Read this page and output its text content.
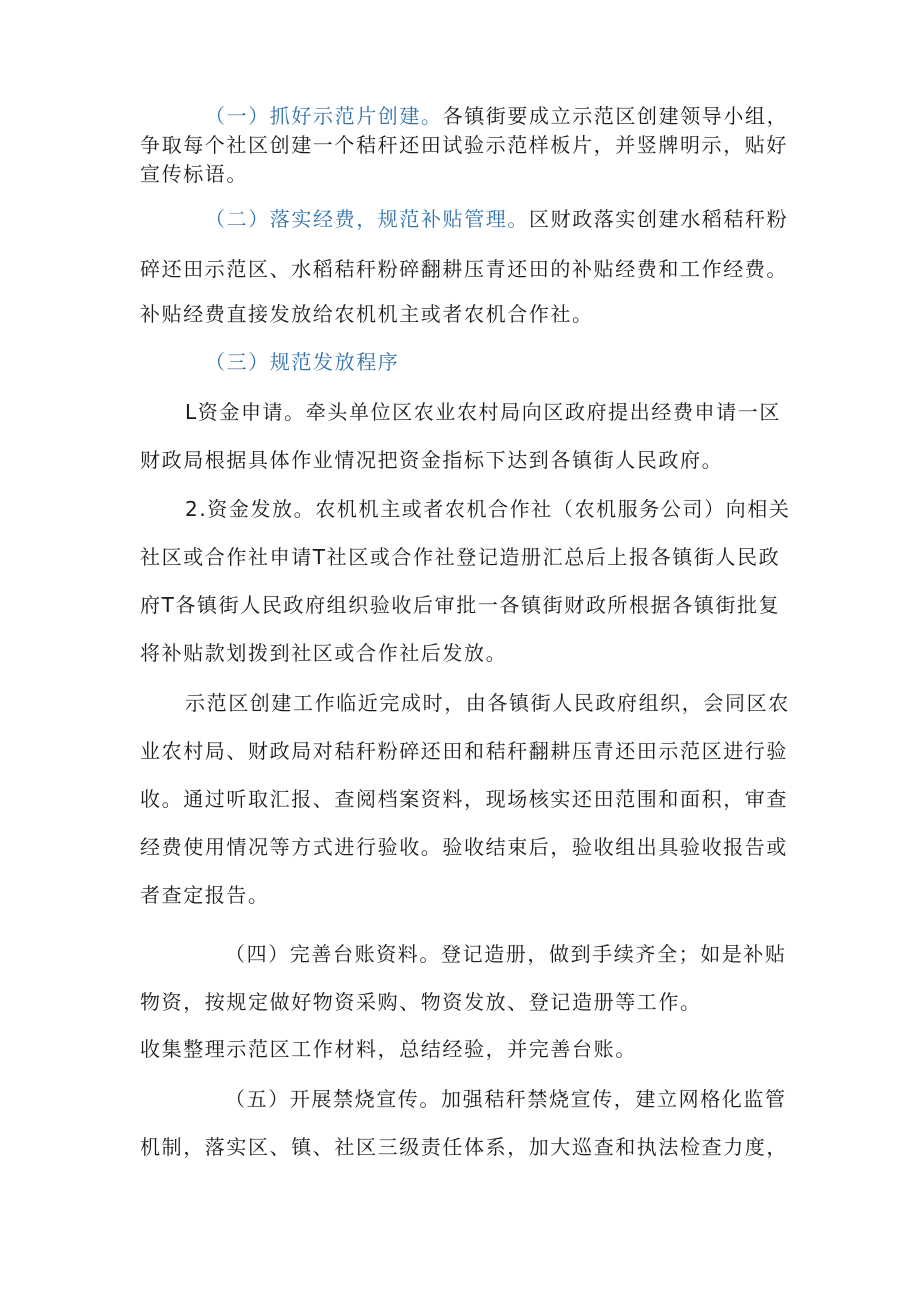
（一）抓好示范片创建。各镇街要成立示范区创建领导小组，
争取每个社区创建一个秸秆还田试验示范样板片，并竖牌明示，贴好
宣传标语。
（二）落实经费，规范补贴管理。区财政落实创建水稻秸秆粉
碎还田示范区、水稻秸秆粉碎翻耕压青还田的补贴经费和工作经费。
补贴经费直接发放给农机机主或者农机合作社。
（三）规范发放程序
L资金申请。牵头单位区农业农村局向区政府提出经费申请一区
财政局根据具体作业情况把资金指标下达到各镇街人民政府。
2.资金发放。农机机主或者农机合作社（农机服务公司）向相关
社区或合作社申请T社区或合作社登记造册汇总后上报各镇街人民政
府T各镇街人民政府组织验收后审批一各镇街财政所根据各镇街批复
将补贴款划拨到社区或合作社后发放。
示范区创建工作临近完成时，由各镇街人民政府组织，会同区农
业农村局、财政局对秸秆粉碎还田和秸秆翻耕压青还田示范区进行验
收。通过听取汇报、查阅档案资料，现场核实还田范围和面积，审查
经费使用情况等方式进行验收。验收结束后，验收组出具验收报告或
者查定报告。
（四）完善台账资料。登记造册，做到手续齐全；如是补贴
物资，按规定做好物资采购、物资发放、登记造册等工作。
收集整理示范区工作材料，总结经验，并完善台账。
（五）开展禁烧宣传。加强秸秆禁烧宣传，建立网格化监管
机制，落实区、镇、社区三级责任体系，加大巡查和执法检查力度，
